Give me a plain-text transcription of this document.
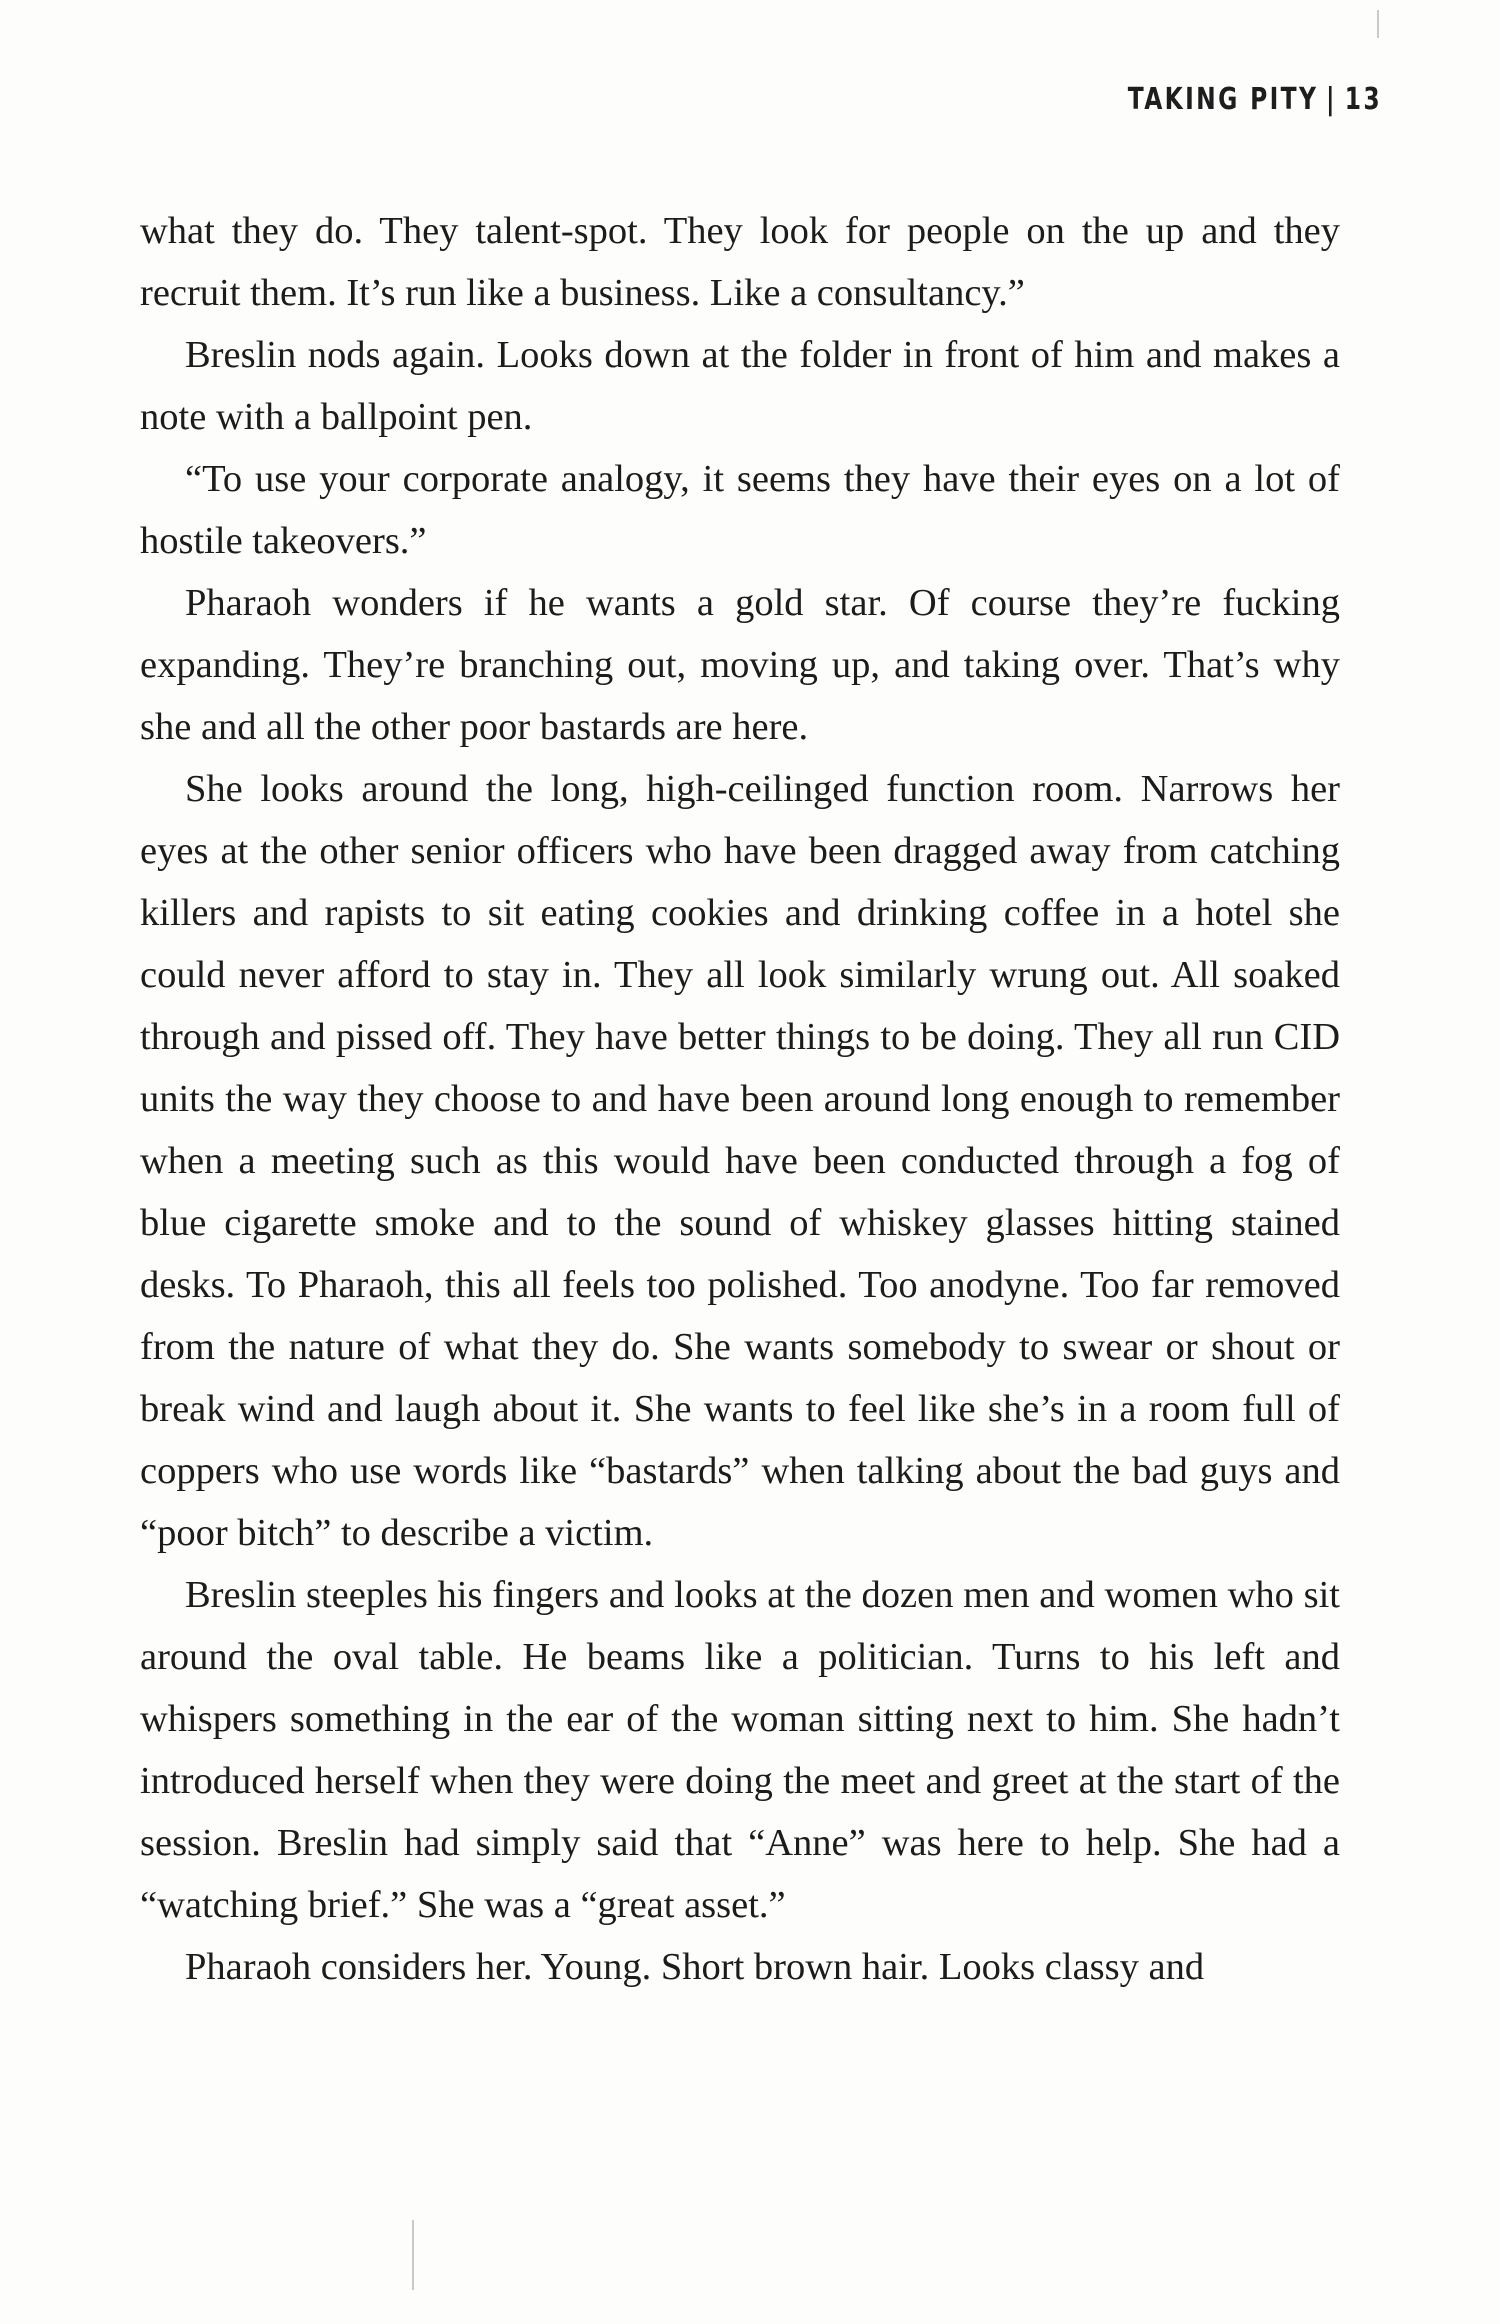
TAKING PITY | 13

what they do. They talent-spot. They look for people on the up and they recruit them. It’s run like a business. Like a consultancy.”

Breslin nods again. Looks down at the folder in front of him and makes a note with a ballpoint pen.

“To use your corporate analogy, it seems they have their eyes on a lot of hostile takeovers.”

Pharaoh wonders if he wants a gold star. Of course they’re fucking expanding. They’re branching out, moving up, and taking over. That’s why she and all the other poor bastards are here.

She looks around the long, high-ceilinged function room. Narrows her eyes at the other senior officers who have been dragged away from catching killers and rapists to sit eating cookies and drinking coffee in a hotel she could never afford to stay in. They all look similarly wrung out. All soaked through and pissed off. They have better things to be doing. They all run CID units the way they choose to and have been around long enough to remember when a meeting such as this would have been conducted through a fog of blue cigarette smoke and to the sound of whiskey glasses hitting stained desks. To Pharaoh, this all feels too polished. Too anodyne. Too far removed from the nature of what they do. She wants somebody to swear or shout or break wind and laugh about it. She wants to feel like she’s in a room full of coppers who use words like “bastards” when talking about the bad guys and “poor bitch” to describe a victim.

Breslin steeples his fingers and looks at the dozen men and women who sit around the oval table. He beams like a politician. Turns to his left and whispers something in the ear of the woman sitting next to him. She hadn’t introduced herself when they were doing the meet and greet at the start of the session. Breslin had simply said that “Anne” was here to help. She had a “watching brief.” She was a “great asset.”

Pharaoh considers her. Young. Short brown hair. Looks classy and
